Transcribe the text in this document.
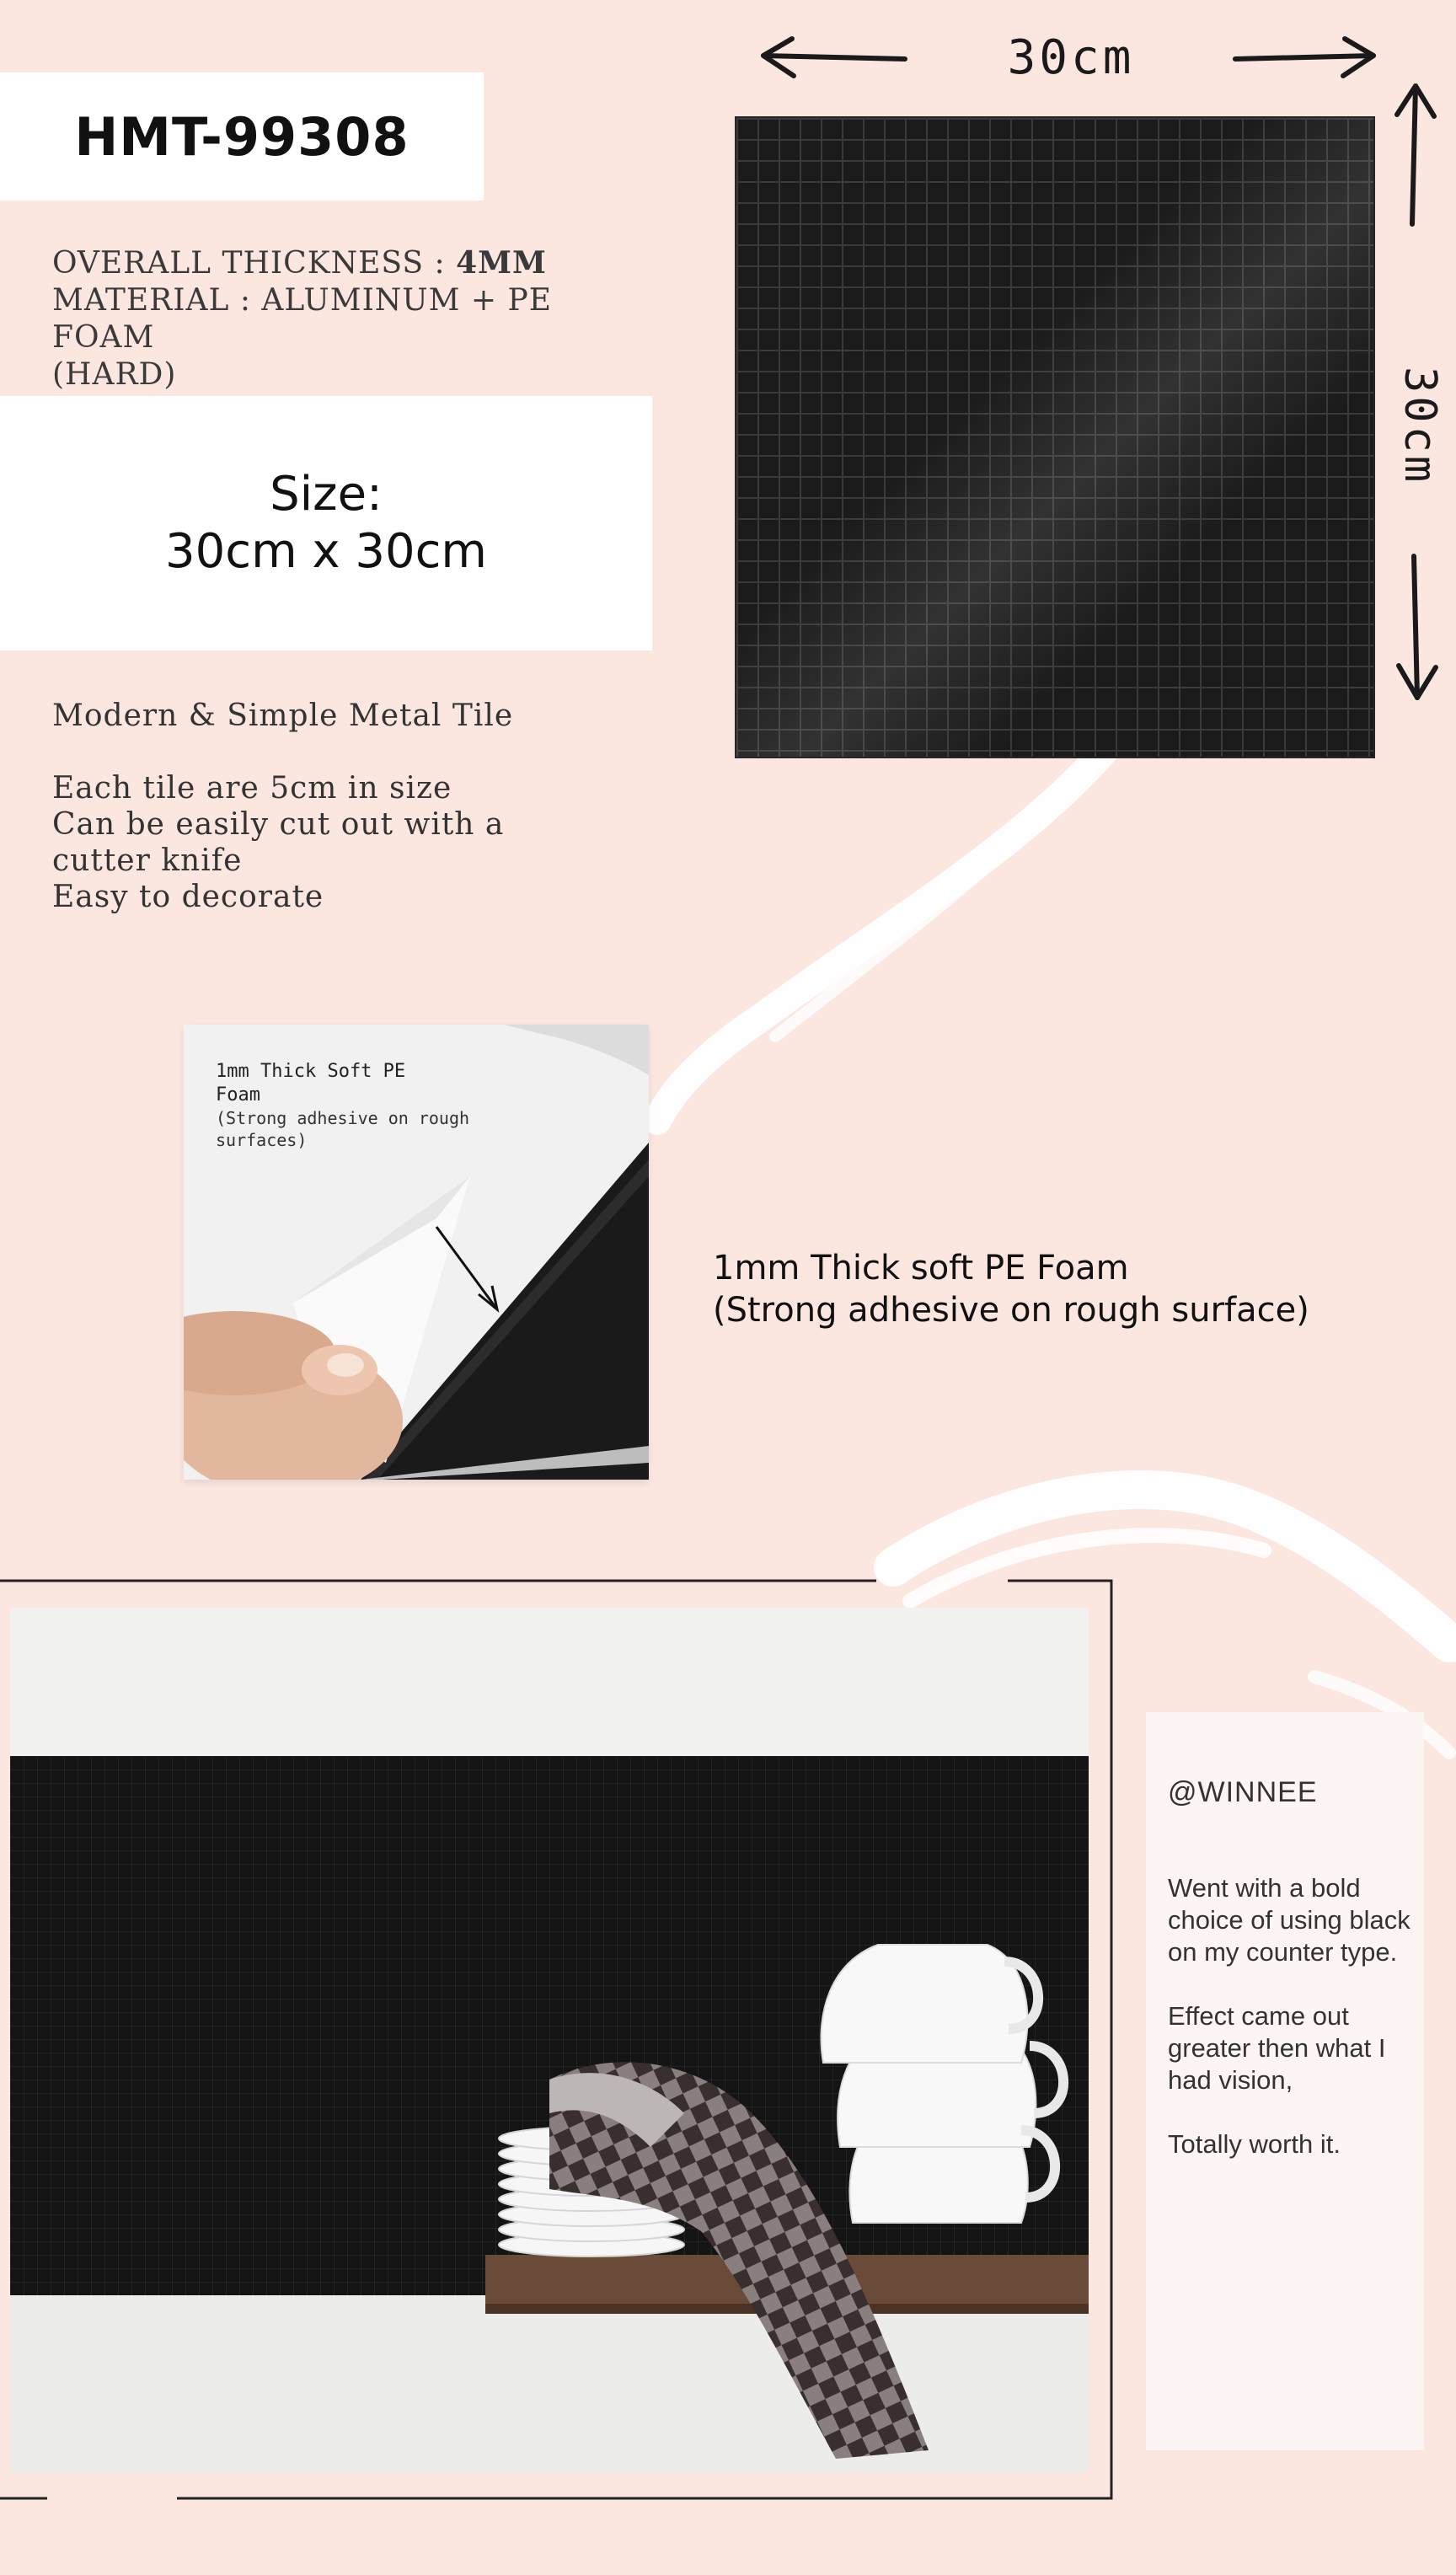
HMT-99308
OVERALL THICKNESS : 4MM
MATERIAL : ALUMINUM + PE FOAM
(HARD)
Size:
30cm x 30cm
Modern & Simple Metal Tile
Each tile are 5cm in size
Can be easily cut out with a
cutter knife
Easy to decorate
30cm
30cm
1mm Thick Soft PE
Foam
(Strong adhesive on rough
surfaces)
1mm Thick soft PE Foam
(Strong adhesive on rough surface)
@WINNEE
Went with a bold choice of using black on my counter type.
Effect came out greater then what I had vision,
Totally worth it.
